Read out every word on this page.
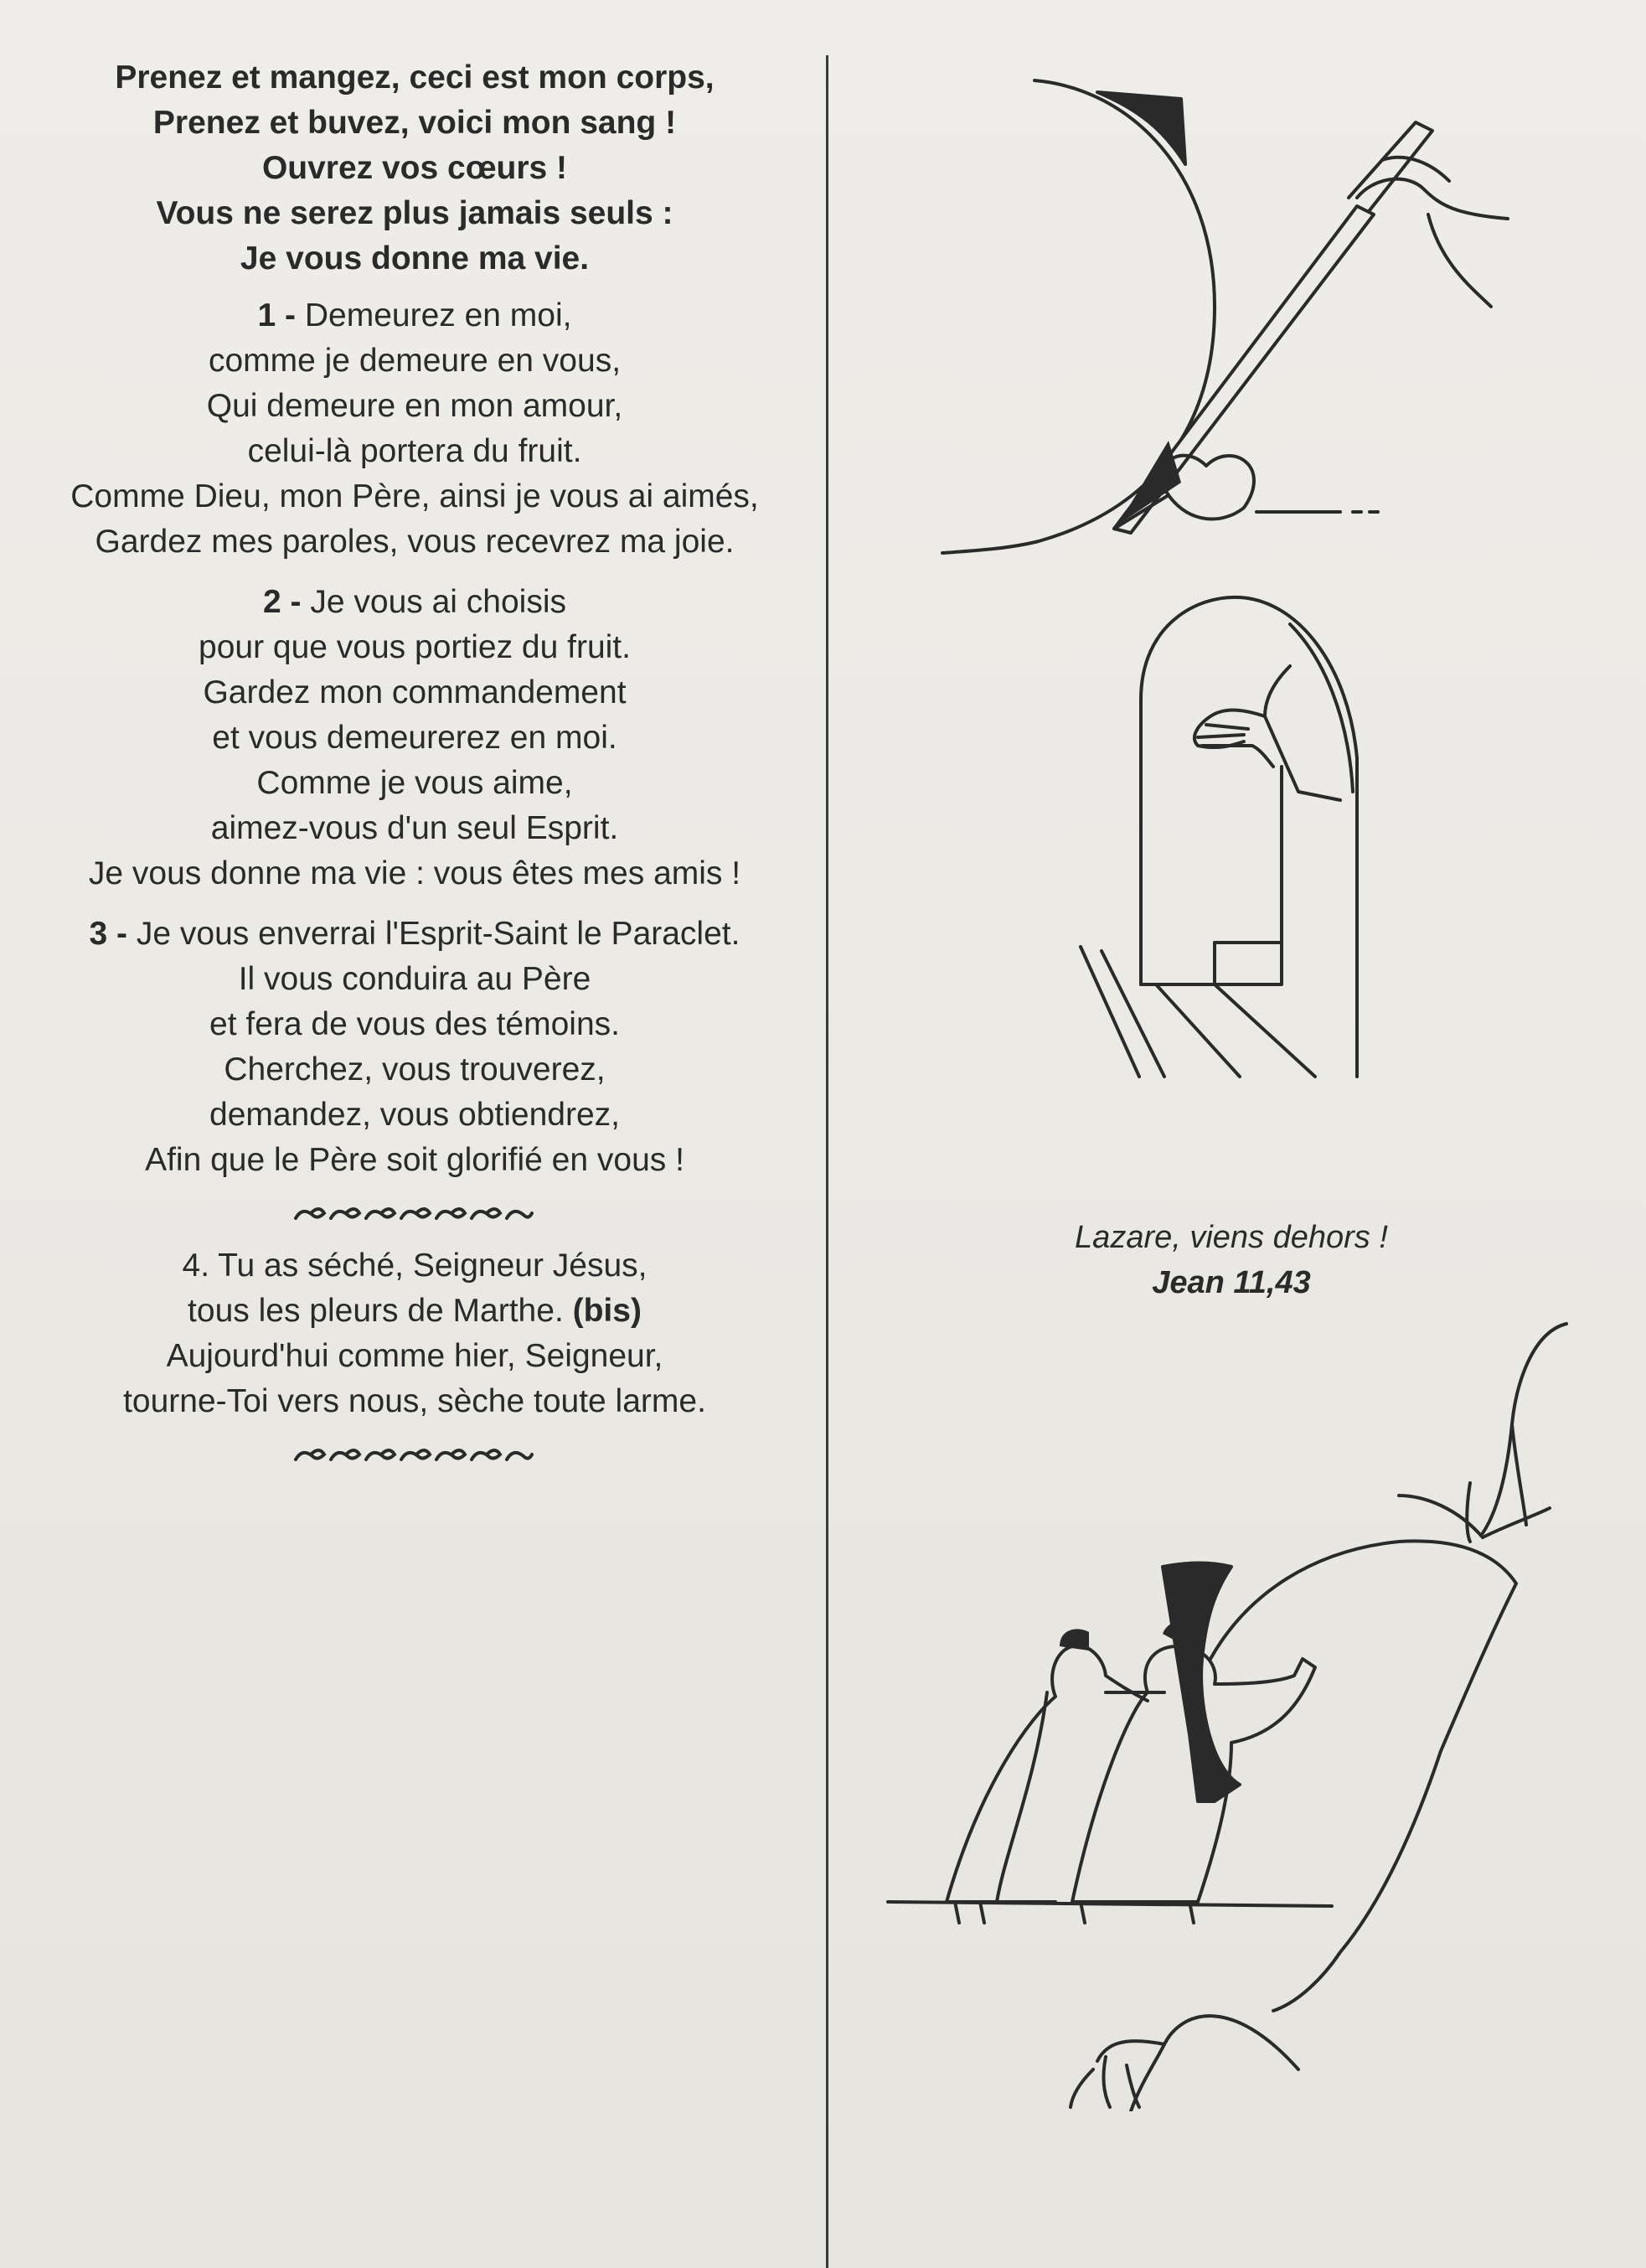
Prenez et mangez, ceci est mon corps,
Prenez et buvez, voici mon sang !
Ouvrez vos cœurs !
Vous ne serez plus jamais seuls :
Je vous donne ma vie.
1 - Demeurez en moi,
comme je demeure en vous,
Qui demeure en mon amour,
celui-là portera du fruit.
Comme Dieu, mon Père, ainsi je vous ai aimés,
Gardez mes paroles, vous recevrez ma joie.
2 - Je vous ai choisis
pour que vous portiez du fruit.
Gardez mon commandement
et vous demeurerez en moi.
Comme je vous aime,
aimez-vous d'un seul Esprit.
Je vous donne ma vie : vous êtes mes amis !
3 - Je vous enverrai l'Esprit-Saint le Paraclet.
Il vous conduira au Père
et fera de vous des témoins.
Cherchez, vous trouverez,
demandez, vous obtiendrez,
Afin que le Père soit glorifié en vous !
4. Tu as séché, Seigneur Jésus,
tous les pleurs de Marthe. (bis)
Aujourd'hui comme hier, Seigneur,
tourne-Toi vers nous, sèche toute larme.
Lazare, viens dehors !
Jean 11,43
